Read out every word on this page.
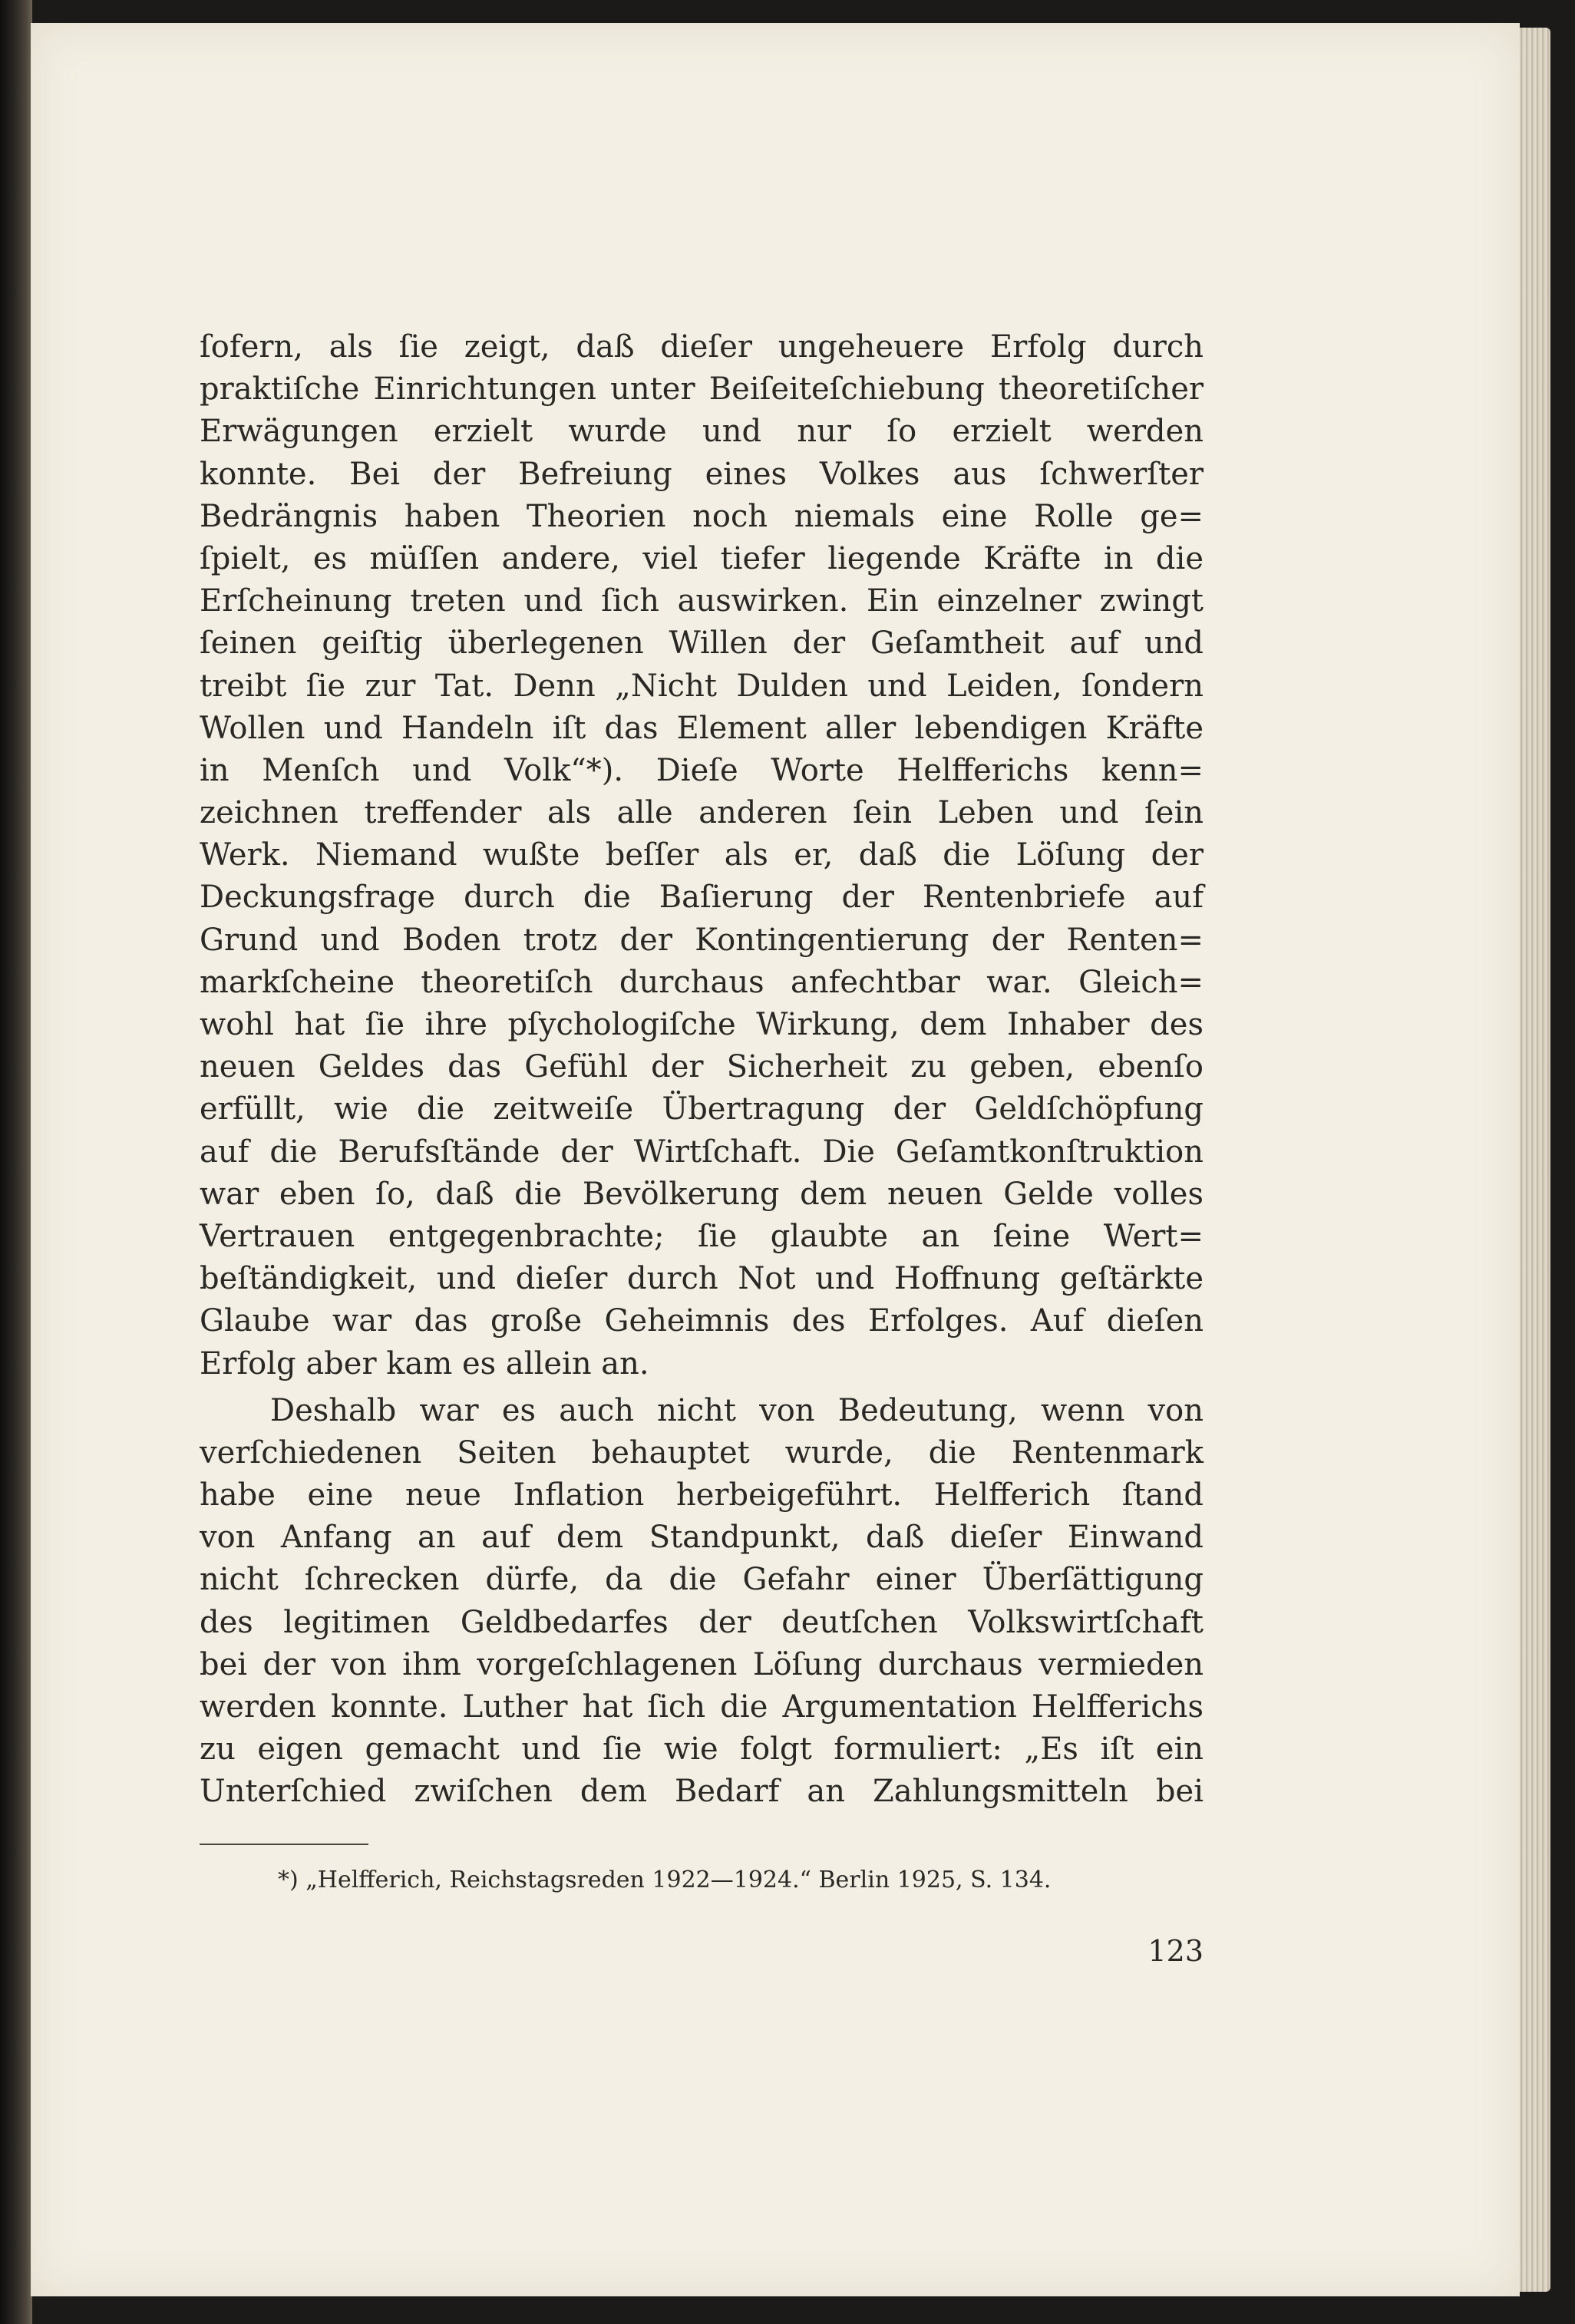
ſofern, als ſie zeigt, daß dieſer ungeheuere Erfolg durch
praktiſche Einrichtungen unter Beiſeiteſchiebung theoretiſcher
Erwägungen erzielt wurde und nur ſo erzielt werden
konnte. Bei der Befreiung eines Volkes aus ſchwerſter
Bedrängnis haben Theorien noch niemals eine Rolle ge=
ſpielt, es müſſen andere, viel tiefer liegende Kräfte in die
Erſcheinung treten und ſich auswirken. Ein einzelner zwingt
ſeinen geiſtig überlegenen Willen der Geſamtheit auf und
treibt ſie zur Tat. Denn „Nicht Dulden und Leiden, ſondern
Wollen und Handeln iſt das Element aller lebendigen Kräfte
in Menſch und Volk“*). Dieſe Worte Helfferichs kenn=
zeichnen treffender als alle anderen ſein Leben und ſein
Werk. Niemand wußte beſſer als er, daß die Löſung der
Deckungsfrage durch die Baſierung der Rentenbriefe auf
Grund und Boden trotz der Kontingentierung der Renten=
markſcheine theoretiſch durchaus anfechtbar war. Gleich=
wohl hat ſie ihre pſychologiſche Wirkung, dem Inhaber des
neuen Geldes das Gefühl der Sicherheit zu geben, ebenſo
erfüllt, wie die zeitweiſe Übertragung der Geldſchöpfung
auf die Berufsſtände der Wirtſchaft. Die Geſamtkonſtruktion
war eben ſo, daß die Bevölkerung dem neuen Gelde volles
Vertrauen entgegenbrachte; ſie glaubte an ſeine Wert=
beſtändigkeit, und dieſer durch Not und Hoffnung geſtärkte
Glaube war das große Geheimnis des Erfolges. Auf dieſen
Erfolg aber kam es allein an.
Deshalb war es auch nicht von Bedeutung, wenn von
verſchiedenen Seiten behauptet wurde, die Rentenmark
habe eine neue Inflation herbeigeführt. Helfferich ſtand
von Anfang an auf dem Standpunkt, daß dieſer Einwand
nicht ſchrecken dürfe, da die Gefahr einer Überſättigung
des legitimen Geldbedarfes der deutſchen Volkswirtſchaft
bei der von ihm vorgeſchlagenen Löſung durchaus vermieden
werden konnte. Luther hat ſich die Argumentation Helfferichs
zu eigen gemacht und ſie wie folgt formuliert: „Es iſt ein
Unterſchied zwiſchen dem Bedarf an Zahlungsmitteln bei
*) „Helfferich, Reichstagsreden 1922—1924.“ Berlin 1925, S. 134.
123
